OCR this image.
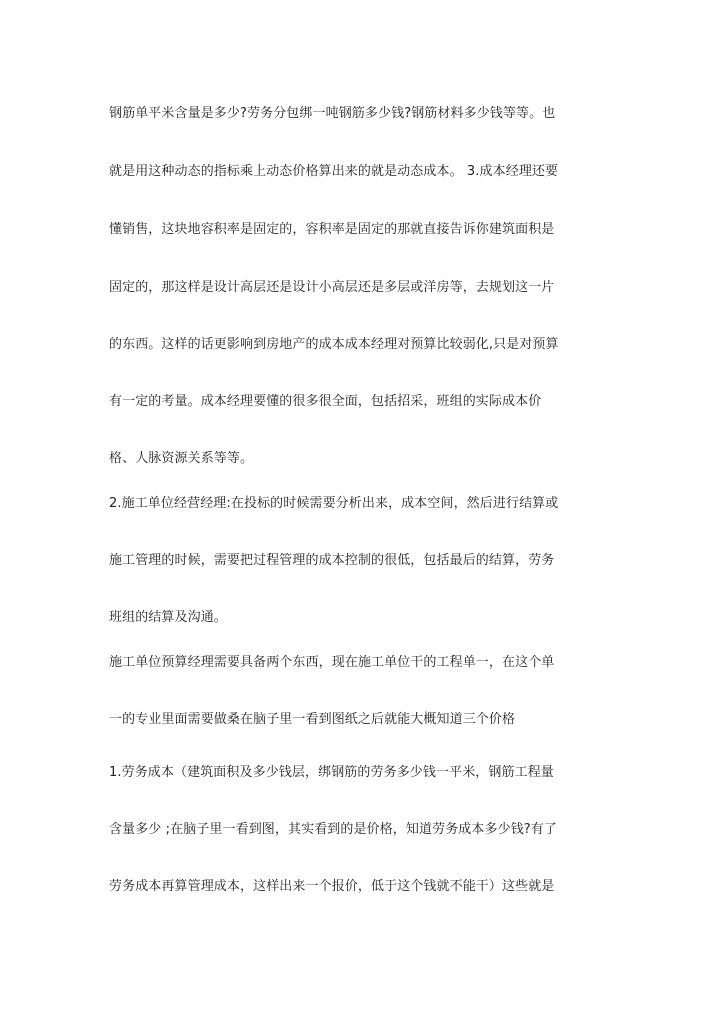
钢筋单平米含量是多少?劳务分包绑一吨钢筋多少钱?钢筋材料多少钱等等。也
就是用这种动态的指标乘上动态价格算出来的就是动态成本。 3.成本经理还要
懂销售，这块地容积率是固定的，容积率是固定的那就直接告诉你建筑面积是
固定的，那这样是设计高层还是设计小高层还是多层或洋房等，去规划这一片
的东西。这样的话更影响到房地产的成本成本经理对预算比较弱化,只是对预算
有一定的考量。成本经理要懂的很多很全面，包括招采，班组的实际成本价
格、人脉资源关系等等。
2.施工单位经营经理:在投标的时候需要分析出来，成本空间，然后进行结算或
施工管理的时候，需要把过程管理的成本控制的很低，包括最后的结算，劳务
班组的结算及沟通。
施工单位预算经理需要具备两个东西，现在施工单位干的工程单一，在这个单
一的专业里面需要做桑在脑子里一看到图纸之后就能大概知道三个价格
1.劳务成本（建筑面积及多少钱层，绑钢筋的劳务多少钱一平米，钢筋工程量
含量多少 ;在脑子里一看到图，其实看到的是价格，知道劳务成本多少钱?有了
劳务成本再算管理成本，这样出来一个报价，低于这个钱就不能干）这些就是
